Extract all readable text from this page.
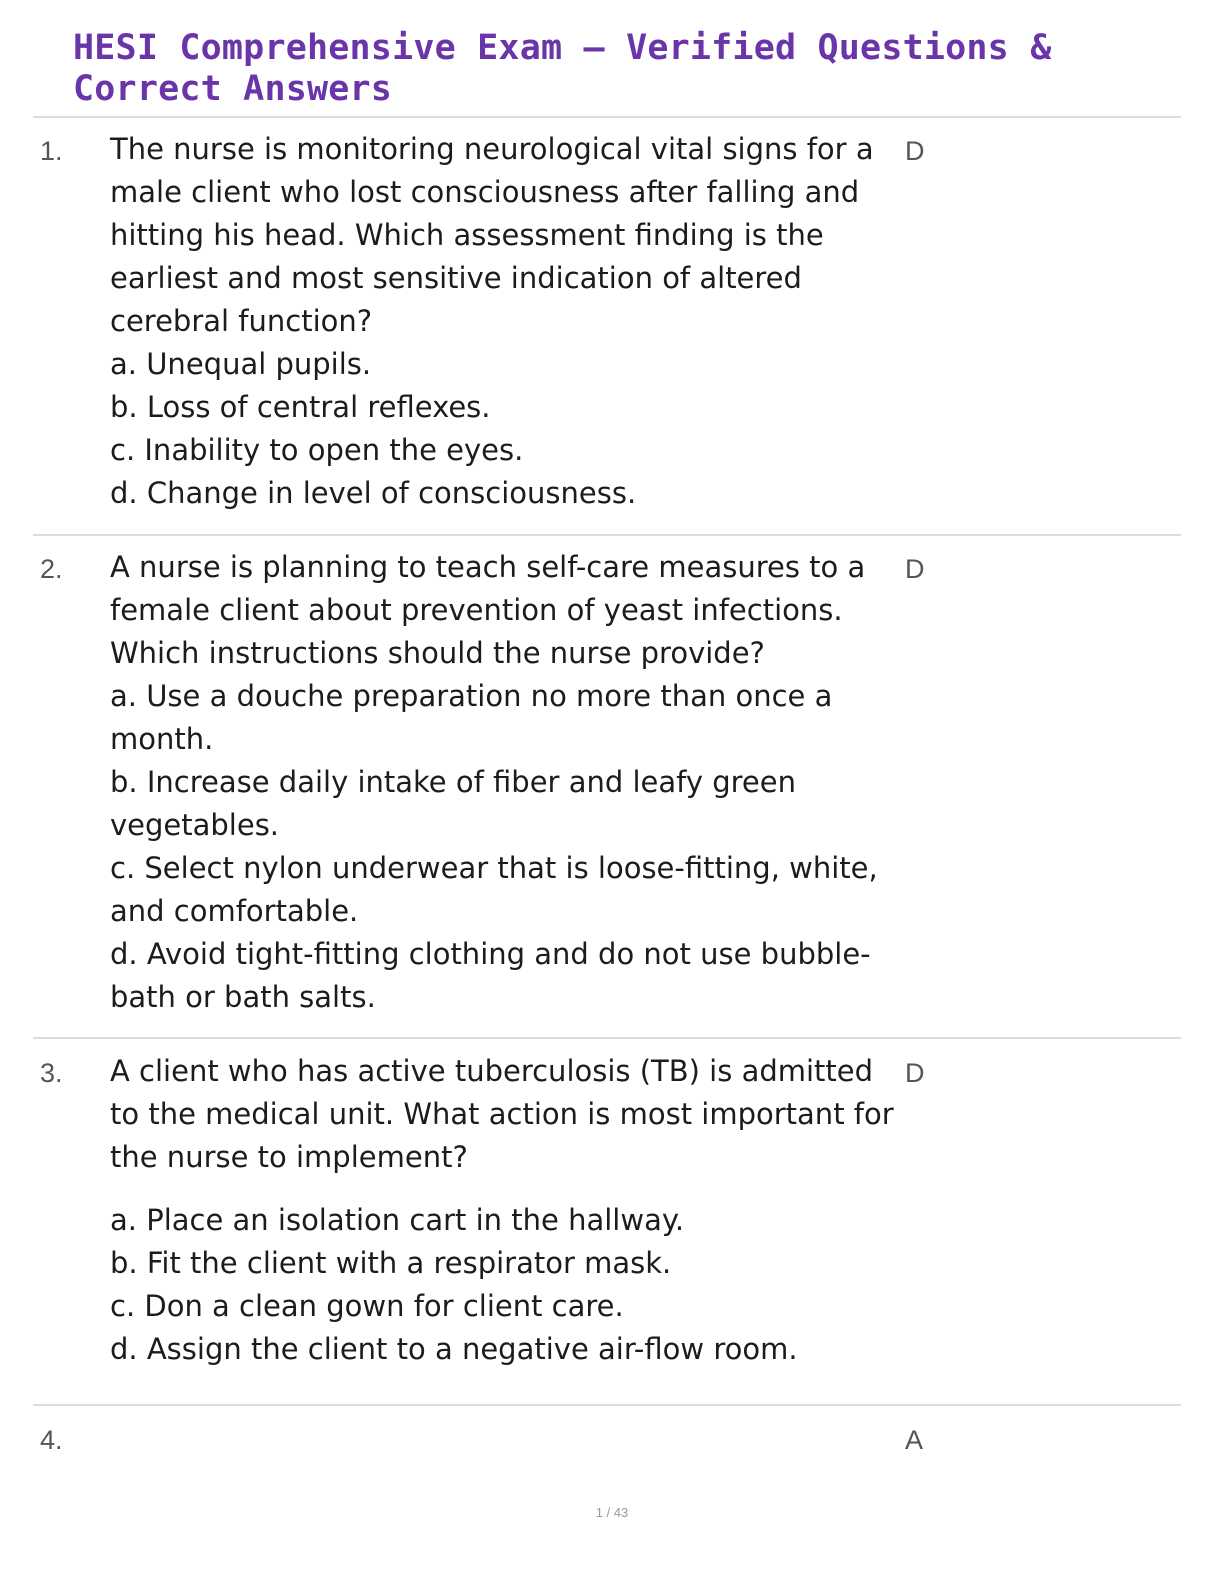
HESI Comprehensive Exam — Verified Questions & Correct Answers
1. The nurse is monitoring neurological vital signs for a male client who lost consciousness after falling and hitting his head. Which assessment finding is the earliest and most sensitive indication of altered cerebral function?

a. Unequal pupils.

b. Loss of central reflexes.

c. Inability to open the eyes.

d. Change in level of consciousness.

D
2. A nurse is planning to teach self-care measures to a female client about prevention of yeast infections. Which instructions should the nurse provide?

a. Use a douche preparation no more than once a month.

b. Increase daily intake of fiber and leafy green vegetables.

c. Select nylon underwear that is loose-fitting, white, and comfortable.

d. Avoid tight-fitting clothing and do not use bubble-bath or bath salts.

D
3. A client who has active tuberculosis (TB) is admitted to the medical unit. What action is most important for the nurse to implement?

a. Place an isolation cart in the hallway.

b. Fit the client with a respirator mask.

c. Don a clean gown for client care.

d. Assign the client to a negative air-flow room.

D
4.	A
1 / 43
